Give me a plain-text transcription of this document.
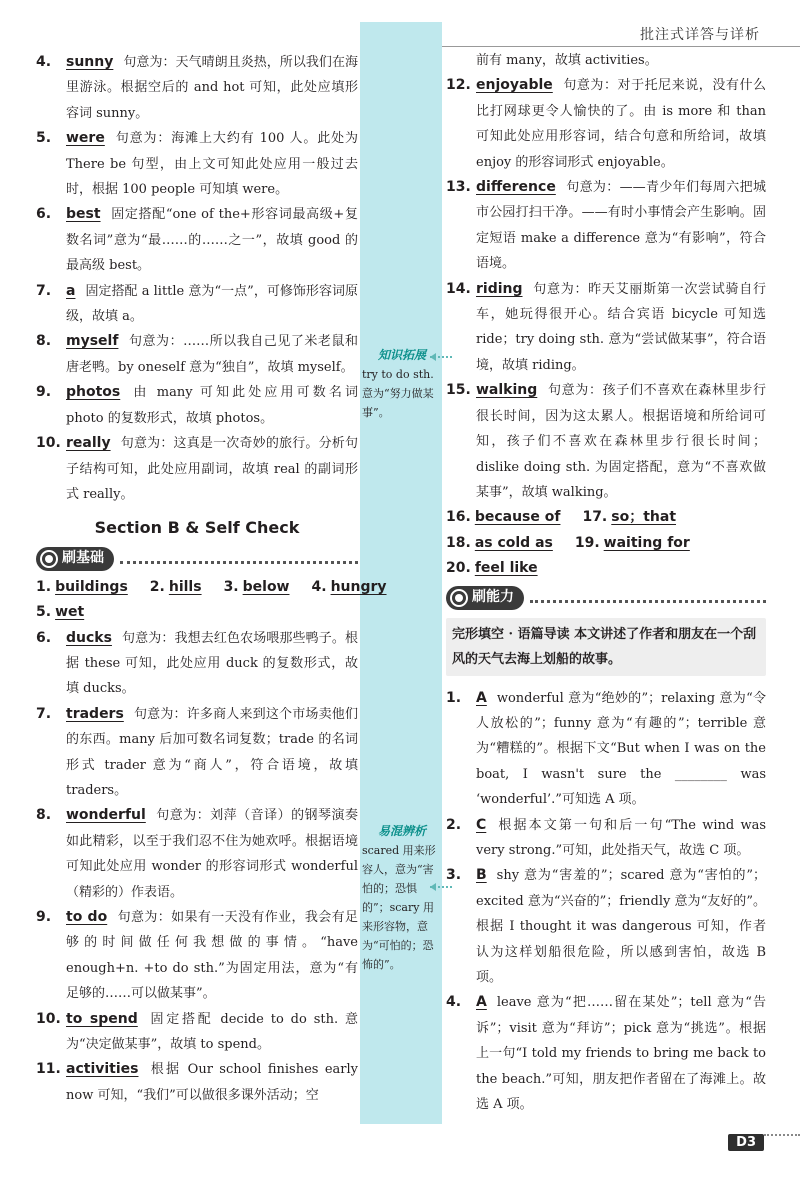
批注式详答与详析
知识拓展
try to do sth. 意为“努力做某事”。
易混辨析
scared 用来形容人，意为“害怕的；恐惧的”；scary 用来形容物，意为“可怕的；恐怖的”。
4. sunny 句意为：天气晴朗且炎热，所以我们在海里游泳。根据空后的 and hot 可知，此处应填形容词 sunny。
5. were 句意为：海滩上大约有 100 人。此处为 There be 句型，由上文可知此处应用一般过去时，根据 100 people 可知填 were。
6. best 固定搭配“one of the+形容词最高级+复数名词”意为“最……的……之一”，故填 good 的最高级 best。
7. a 固定搭配 a little 意为“一点”，可修饰形容词原级，故填 a。
8. myself 句意为：……所以我自己见了米老鼠和唐老鸭。by oneself 意为“独自”，故填 myself。
9. photos 由 many 可知此处应用可数名词 photo 的复数形式，故填 photos。
10. really 句意为：这真是一次奇妙的旅行。分析句子结构可知，此处应用副词，故填 real 的副词形式 really。
Section B & Self Check
刷基础
1. buildings	2. hills	3. below	4. hungry
5. wet
6. ducks 句意为：我想去红色农场喂那些鸭子。根据 these 可知，此处应用 duck 的复数形式，故填 ducks。
7. traders 句意为：许多商人来到这个市场卖他们的东西。many 后加可数名词复数；trade 的名词形式 trader 意为“商人”，符合语境，故填 traders。
8. wonderful 句意为：刘萍（音译）的钢琴演奏如此精彩，以至于我们忍不住为她欢呼。根据语境可知此处应用 wonder 的形容词形式 wonderful（精彩的）作表语。
9. to do 句意为：如果有一天没有作业，我会有足够的时间做任何我想做的事情。“have enough+n. +to do sth.”为固定用法，意为“有足够的……可以做某事”。
10. to spend 固定搭配 decide to do sth. 意为“决定做某事”，故填 to spend。
11. activities 根据 Our school finishes early now 可知，“我们”可以做很多课外活动；空
前有 many，故填 activities。
12. enjoyable 句意为：对于托尼来说，没有什么比打网球更令人愉快的了。由 is more 和 than 可知此处应用形容词，结合句意和所给词，故填 enjoy 的形容词形式 enjoyable。
13. difference 句意为：——青少年们每周六把城市公园打扫干净。——有时小事情会产生影响。固定短语 make a difference 意为“有影响”，符合语境。
14. riding 句意为：昨天艾丽斯第一次尝试骑自行车，她玩得很开心。结合宾语 bicycle 可知选 ride；try doing sth. 意为“尝试做某事”，符合语境，故填 riding。
15. walking 句意为：孩子们不喜欢在森林里步行很长时间，因为这太累人。根据语境和所给词可知，孩子们不喜欢在森林里步行很长时间；dislike doing sth. 为固定搭配，意为“不喜欢做某事”，故填 walking。
16. because of	17. so；that
18. as cold as	19. waiting for
20. feel like
刷能力
完形填空 · 语篇导读 本文讲述了作者和朋友在一个刮风的天气去海上划船的故事。
1. A wonderful 意为“绝妙的”；relaxing 意为“令人放松的”；funny 意为“有趣的”；terrible 意为“糟糕的”。根据下文“But when I was on the boat, I wasn't sure the ________ was ‘wonderful’.”可知选 A 项。
2. C 根据本文第一句和后一句“The wind was very strong.”可知，此处指天气，故选 C 项。
3. B shy 意为“害羞的”；scared 意为“害怕的”；excited 意为“兴奋的”；friendly 意为“友好的”。根据 I thought it was dangerous 可知，作者认为这样划船很危险，所以感到害怕，故选 B 项。
4. A leave 意为“把……留在某处”；tell 意为“告诉”；visit 意为“拜访”；pick 意为“挑选”。根据上一句“I told my friends to bring me back to the beach.”可知，朋友把作者留在了海滩上。故选 A 项。
D3
